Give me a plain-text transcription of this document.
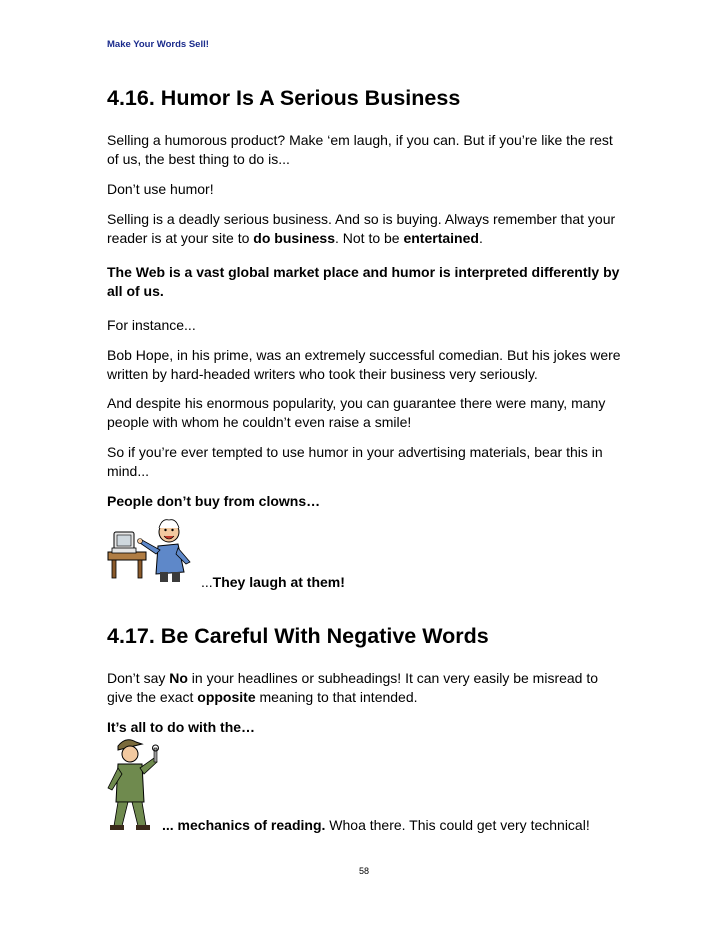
Make Your Words Sell!
4.16. Humor Is A Serious Business

Selling a humorous product? Make ‘em laugh, if you can. But if you’re like the rest of us, the best thing to do is...

Don’t use humor!

Selling is a deadly serious business. And so is buying. Always remember that your reader is at your site to do business. Not to be entertained.

The Web is a vast global market place and humor is interpreted differently by all of us.

For instance...

Bob Hope, in his prime, was an extremely successful comedian. But his jokes were written by hard-headed writers who took their business very seriously.

And despite his enormous popularity, you can guarantee there were many, many people with whom he couldn’t even raise a smile!

So if you’re ever tempted to use humor in your advertising materials, bear this in mind...

People don’t buy from clowns…

...They laugh at them!
4.17. Be Careful With Negative Words

Don’t say No in your headlines or subheadings! It can very easily be misread to give the exact opposite meaning to that intended.

It’s all to do with the…

... mechanics of reading. Whoa there. This could get very technical!
58
